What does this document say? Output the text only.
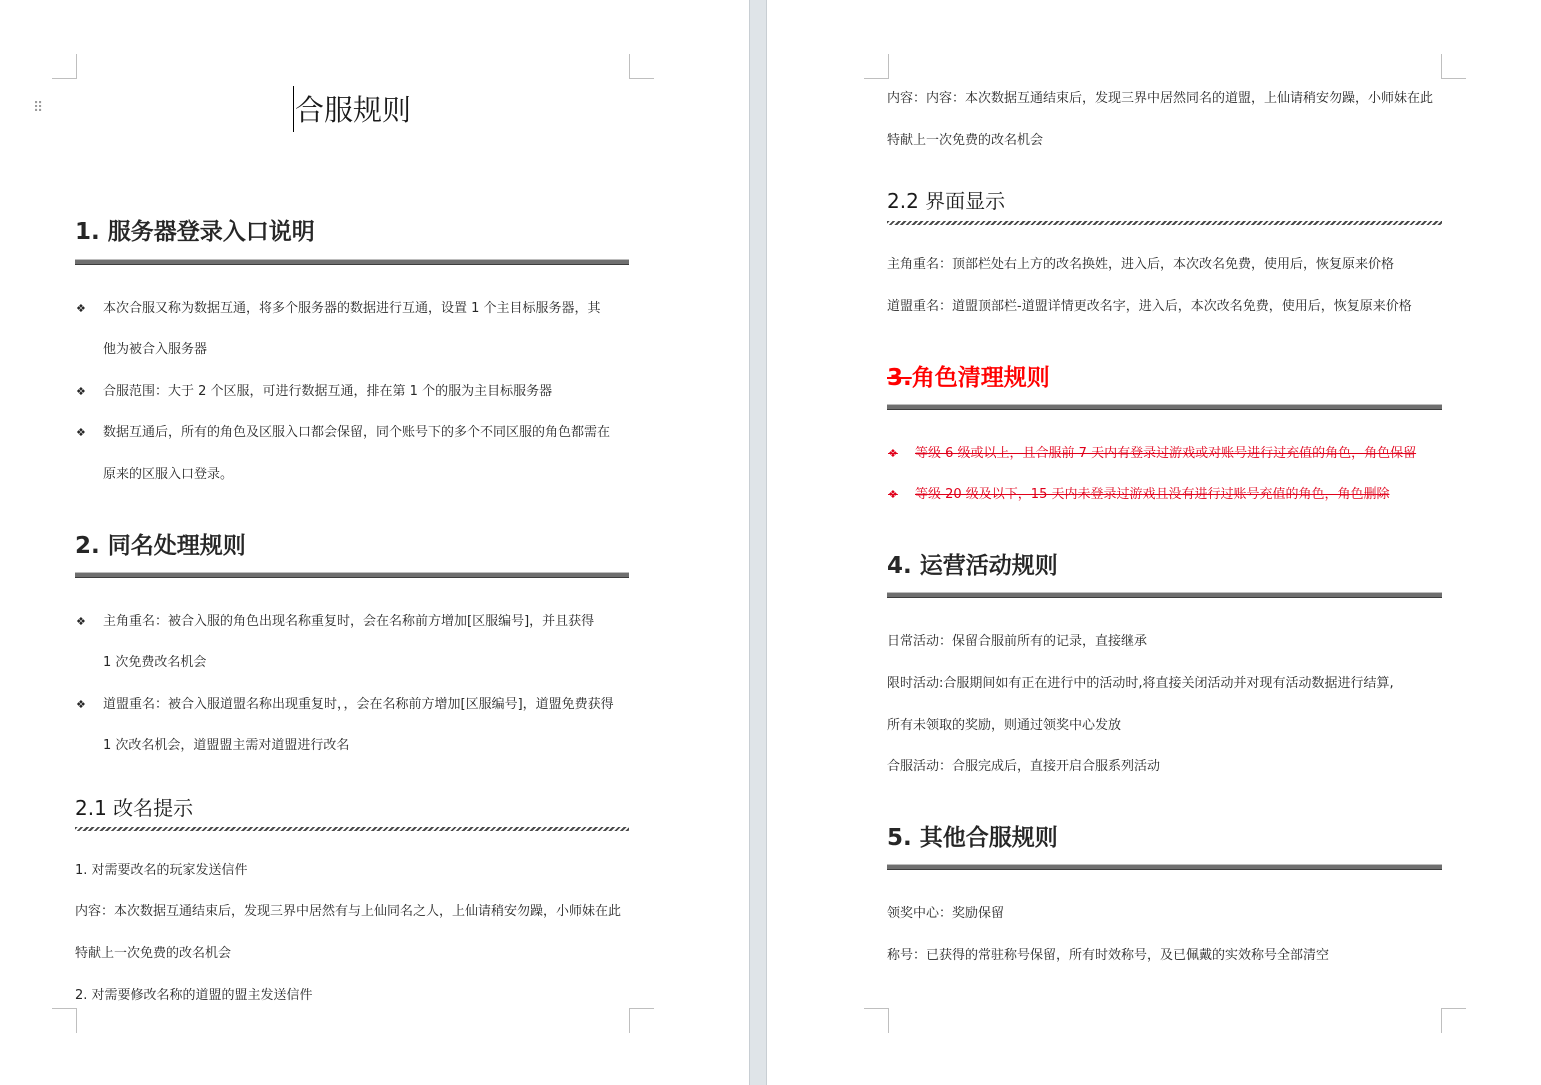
⠿	合服规则
1. 服务器登录入口说明
❖ 本次合服又称为数据互通，将多个服务器的数据进行互通，设置 1 个主目标服务器，其
他为被合入服务器
❖ 合服范围：大于 2 个区服，可进行数据互通，排在第 1 个的服为主目标服务器
❖ 数据互通后，所有的角色及区服入口都会保留，同个账号下的多个不同区服的角色都需在
原来的区服入口登录。
2. 同名处理规则
❖ 主角重名：被合入服的角色出现名称重复时，会在名称前方增加[区服编号]，并且获得
1 次免费改名机会
❖ 道盟重名：被合入服道盟名称出现重复时，，会在名称前方增加[区服编号]，道盟免费获得
1 次改名机会，道盟盟主需对道盟进行改名
2.1 改名提示
1. 对需要改名的玩家发送信件
内容：本次数据互通结束后，发现三界中居然有与上仙同名之人，上仙请稍安勿躁，小师妹在此
特献上一次免费的改名机会
2. 对需要修改名称的道盟的盟主发送信件
内容：内容：本次数据互通结束后，发现三界中居然同名的道盟，上仙请稍安勿躁，小师妹在此
特献上一次免费的改名机会
2.2 界面显示
主角重名：顶部栏处右上方的改名换姓，进入后，本次改名免费，使用后，恢复原来价格
道盟重名：道盟顶部栏-道盟详情更改名字，进入后，本次改名免费，使用后，恢复原来价格
3.角色清理规则
❖ 等级 6 级或以上，且合服前 7 天内有登录过游戏或对账号进行过充值的角色，角色保留
❖ 等级 20 级及以下，15 天内未登录过游戏且没有进行过账号充值的角色，角色删除
4. 运营活动规则
日常活动：保留合服前所有的记录，直接继承
限时活动:合服期间如有正在进行中的活动时,将直接关闭活动并对现有活动数据进行结算,
所有未领取的奖励，则通过领奖中心发放
合服活动：合服完成后，直接开启合服系列活动
5. 其他合服规则
领奖中心：奖励保留
称号：已获得的常驻称号保留，所有时效称号，及已佩戴的实效称号全部清空
